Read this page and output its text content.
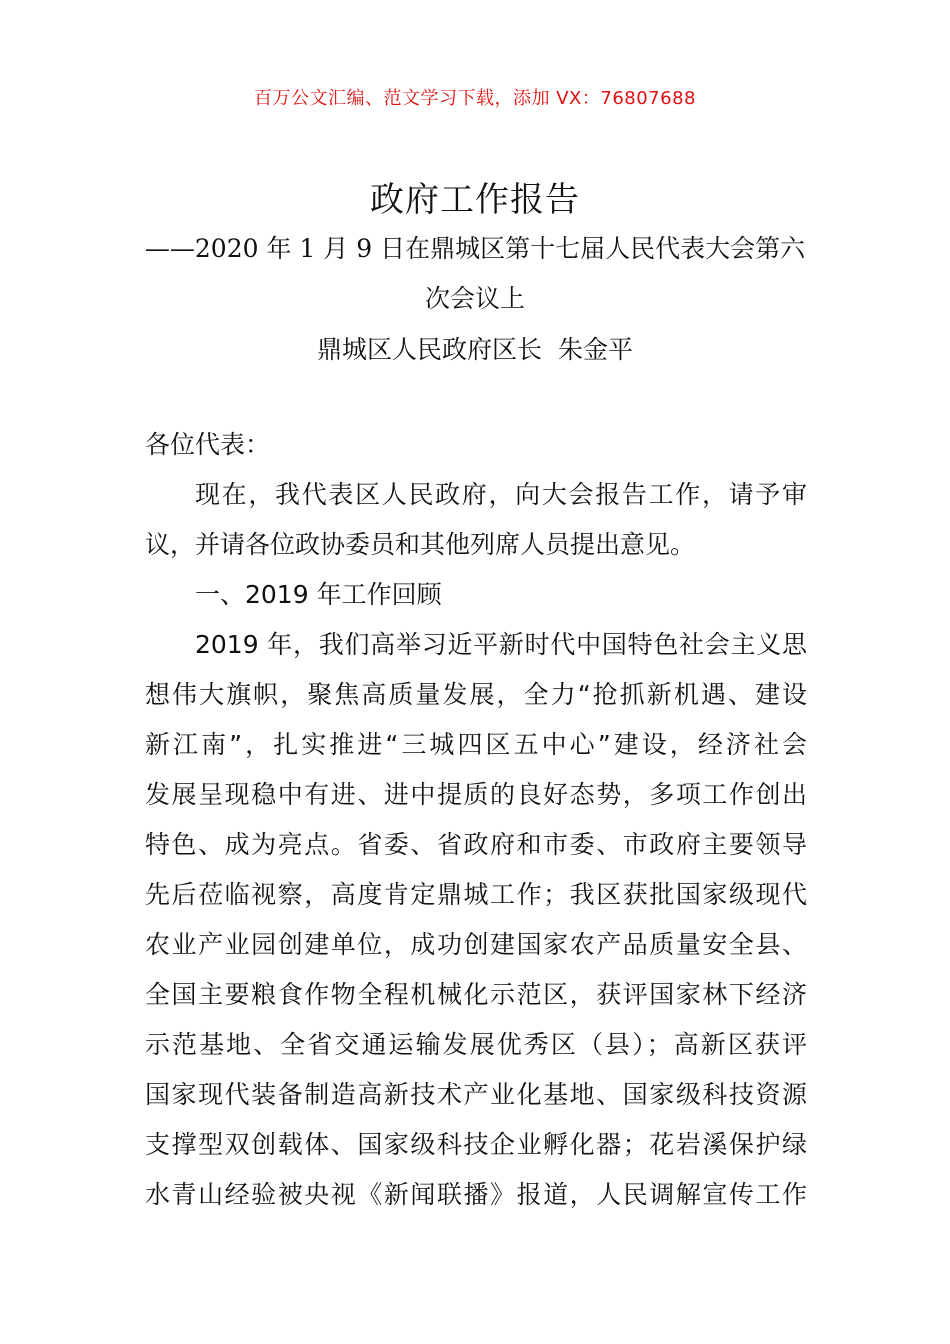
百万公文汇编、范文学习下载，添加 VX：76807688
政府工作报告
——2020 年 1 月 9 日在鼎城区第十七届人民代表大会第六
次会议上
鼎城区人民政府区长  朱金平
各位代表：
现在，我代表区人民政府，向大会报告工作，请予审
议，并请各位政协委员和其他列席人员提出意见。
一、2019 年工作回顾
2019 年，我们高举习近平新时代中国特色社会主义思
想伟大旗帜，聚焦高质量发展，全力“抢抓新机遇、建设
新江南”，扎实推进“三城四区五中心”建设，经济社会
发展呈现稳中有进、进中提质的良好态势，多项工作创出
特色、成为亮点。省委、省政府和市委、市政府主要领导
先后莅临视察，高度肯定鼎城工作；我区获批国家级现代
农业产业园创建单位，成功创建国家农产品质量安全县、
全国主要粮食作物全程机械化示范区，获评国家林下经济
示范基地、全省交通运输发展优秀区（县）；高新区获评
国家现代装备制造高新技术产业化基地、国家级科技资源
支撑型双创载体、国家级科技企业孵化器；花岩溪保护绿
水青山经验被央视《新闻联播》报道，人民调解宣传工作
